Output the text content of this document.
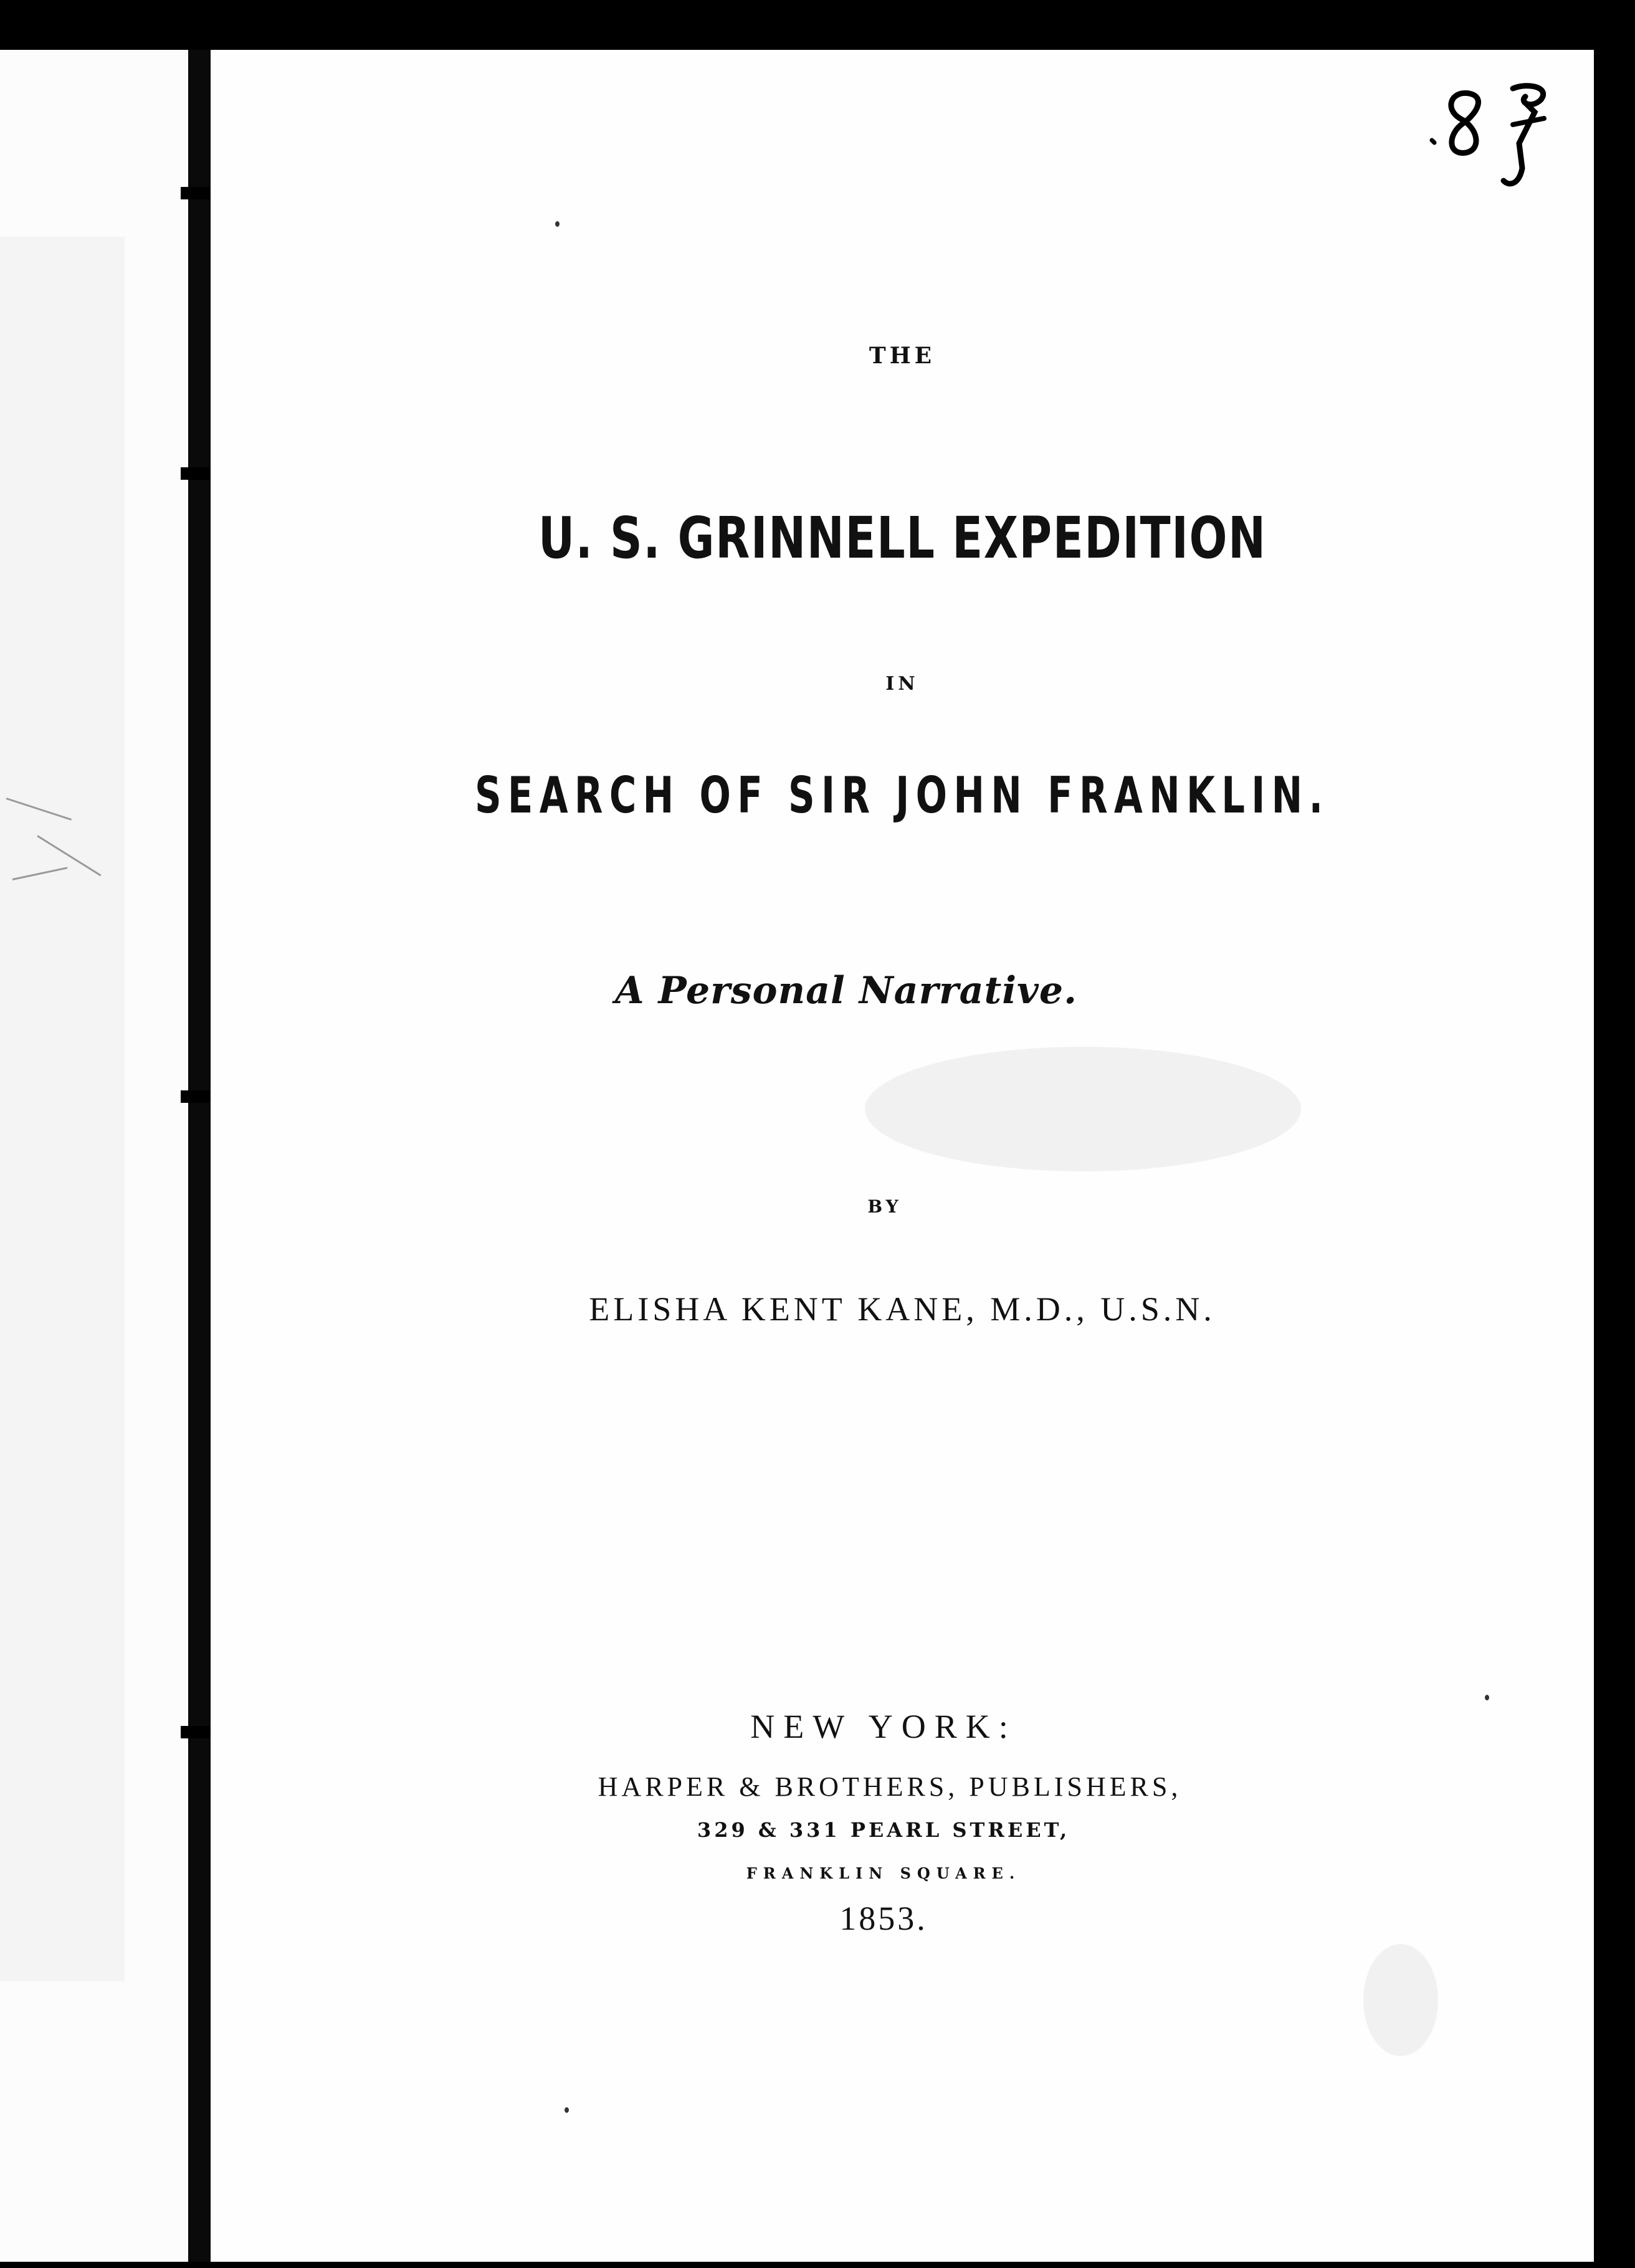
THE
U. S. GRINNELL EXPEDITION
IN
SEARCH OF SIR JOHN FRANKLIN.
A Personal Narrative.
BY
ELISHA KENT KANE, M.D., U.S.N.
NEW YORK:
HARPER & BROTHERS, PUBLISHERS,
329 & 331 PEARL STREET,
FRANKLIN SQUARE.
1853.
